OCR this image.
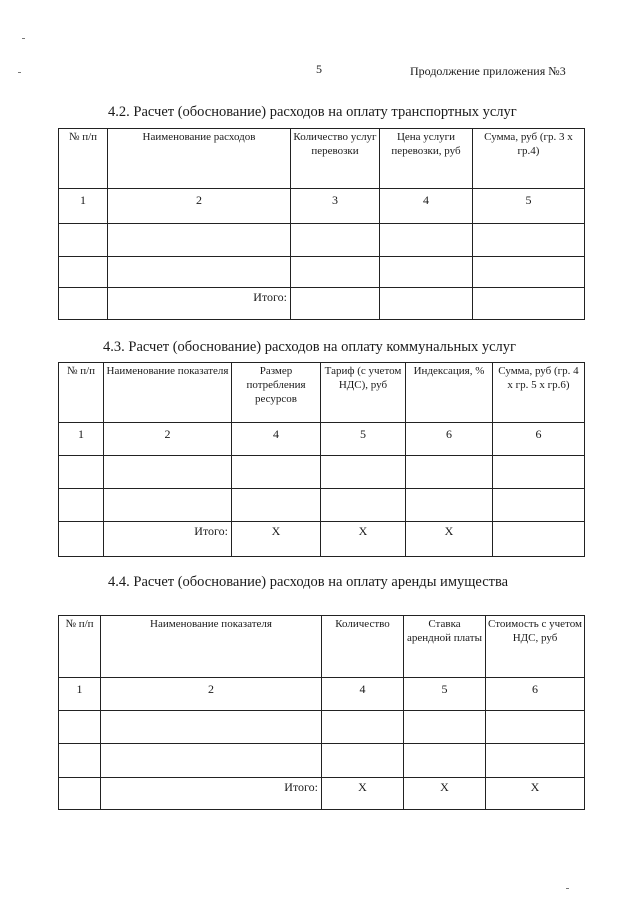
5	Продолжение приложения №3
4.2. Расчет (обоснование) расходов на оплату транспортных услуг
№ п/п	Наименование расходов	Количество услуг перевозки	Цена услуги перевозки, руб	Сумма, руб (гр. 3 х гр.4)
1	2	3	4	5

	Итого:			
4.3. Расчет (обоснование) расходов на оплату коммунальных услуг
№ п/п	Наименование показателя	Размер потребления ресурсов	Тариф (с учетом НДС), руб	Индексация, %	Сумма, руб (гр. 4 х гр. 5 х гр.6)
1	2	4	5	6	6

	Итого:	X	X	X	
4.4. Расчет (обоснование) расходов на оплату аренды имущества
№ п/п	Наименование показателя	Количество	Ставка арендной платы	Стоимость с учетом НДС, руб
1	2	4	5	6

	Итого:	X	X	X
